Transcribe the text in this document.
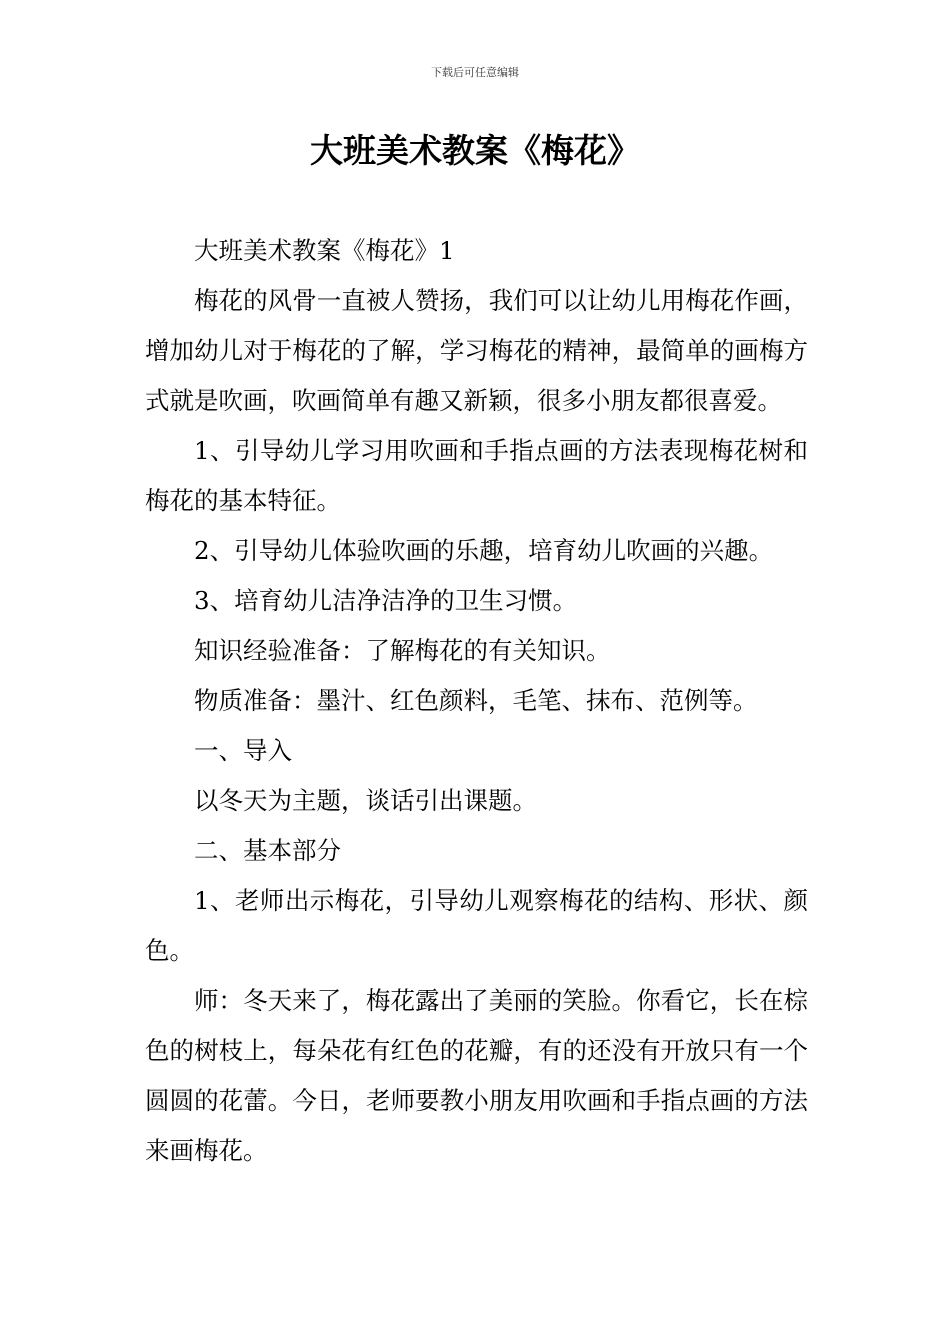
下载后可任意编辑
大班美术教案《梅花》

大班美术教案《梅花》1

梅花的风骨一直被人赞扬，我们可以让幼儿用梅花作画，增加幼儿对于梅花的了解，学习梅花的精神，最简单的画梅方式就是吹画，吹画简单有趣又新颖，很多小朋友都很喜爱。

1、引导幼儿学习用吹画和手指点画的方法表现梅花树和梅花的基本特征。

2、引导幼儿体验吹画的乐趣，培育幼儿吹画的兴趣。

3、培育幼儿洁净洁净的卫生习惯。

知识经验准备：了解梅花的有关知识。

物质准备：墨汁、红色颜料，毛笔、抹布、范例等。

一、导入

以冬天为主题，谈话引出课题。

二、基本部分

1、老师出示梅花，引导幼儿观察梅花的结构、形状、颜色。

师：冬天来了，梅花露出了美丽的笑脸。你看它，长在棕色的树枝上，每朵花有红色的花瓣，有的还没有开放只有一个圆圆的花蕾。今日，老师要教小朋友用吹画和手指点画的方法来画梅花。
